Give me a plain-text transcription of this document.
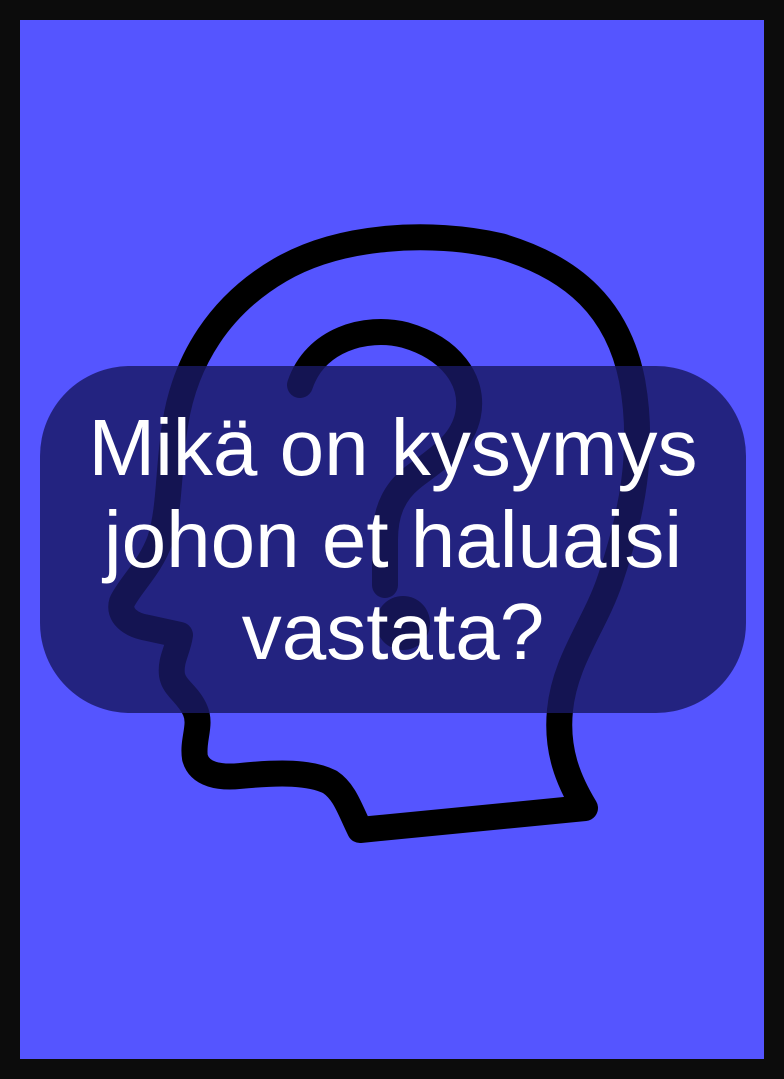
Mikä on kysymys johon et haluaisi vastata?
